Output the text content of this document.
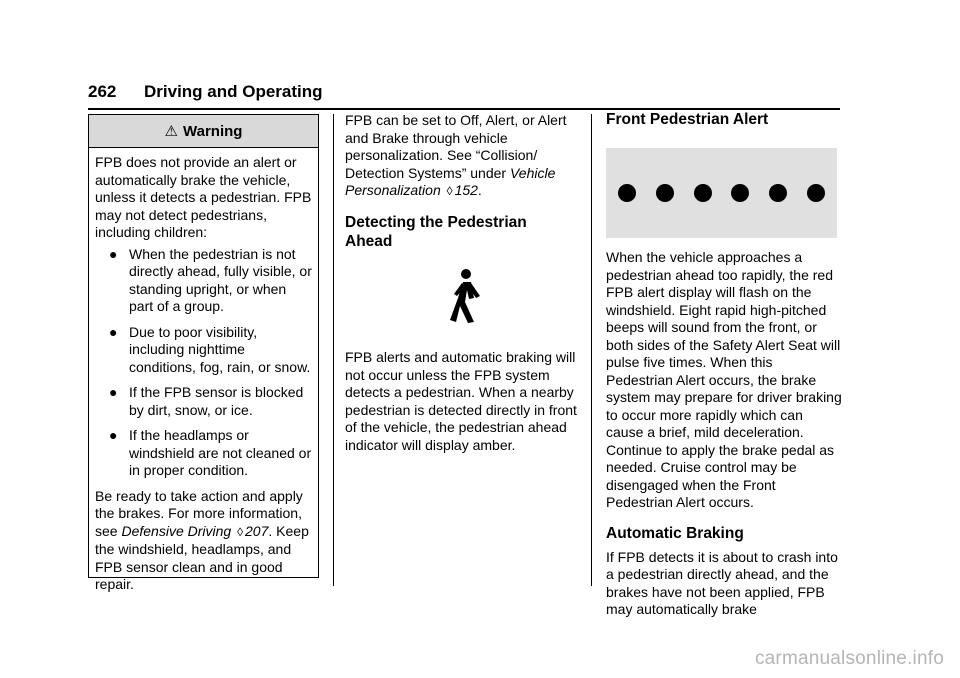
262 Driving and Operating
⚠ Warning

FPB does not provide an alert or automatically brake the vehicle, unless it detects a pedestrian. FPB may not detect pedestrians, including children:

● When the pedestrian is not directly ahead, fully visible, or standing upright, or when part of a group.
● Due to poor visibility, including nighttime conditions, fog, rain, or snow.
● If the FPB sensor is blocked by dirt, snow, or ice.
● If the headlamps or windshield are not cleaned or in proper condition.

Be ready to take action and apply the brakes. For more information, see Defensive Driving ◊ 207. Keep the windshield, headlamps, and FPB sensor clean and in good repair.

FPB can be set to Off, Alert, or Alert and Brake through vehicle personalization. See “Collision/ Detection Systems” under Vehicle Personalization ◊ 152.

Detecting the Pedestrian Ahead

FPB alerts and automatic braking will not occur unless the FPB system detects a pedestrian. When a nearby pedestrian is detected directly in front of the vehicle, the pedestrian ahead indicator will display amber.

Front Pedestrian Alert

When the vehicle approaches a pedestrian ahead too rapidly, the red FPB alert display will flash on the windshield. Eight rapid high-pitched beeps will sound from the front, or both sides of the Safety Alert Seat will pulse five times. When this Pedestrian Alert occurs, the brake system may prepare for driver braking to occur more rapidly which can cause a brief, mild deceleration. Continue to apply the brake pedal as needed. Cruise control may be disengaged when the Front Pedestrian Alert occurs.

Automatic Braking

If FPB detects it is about to crash into a pedestrian directly ahead, and the brakes have not been applied, FPB may automatically brake

carmanualsonline.info
